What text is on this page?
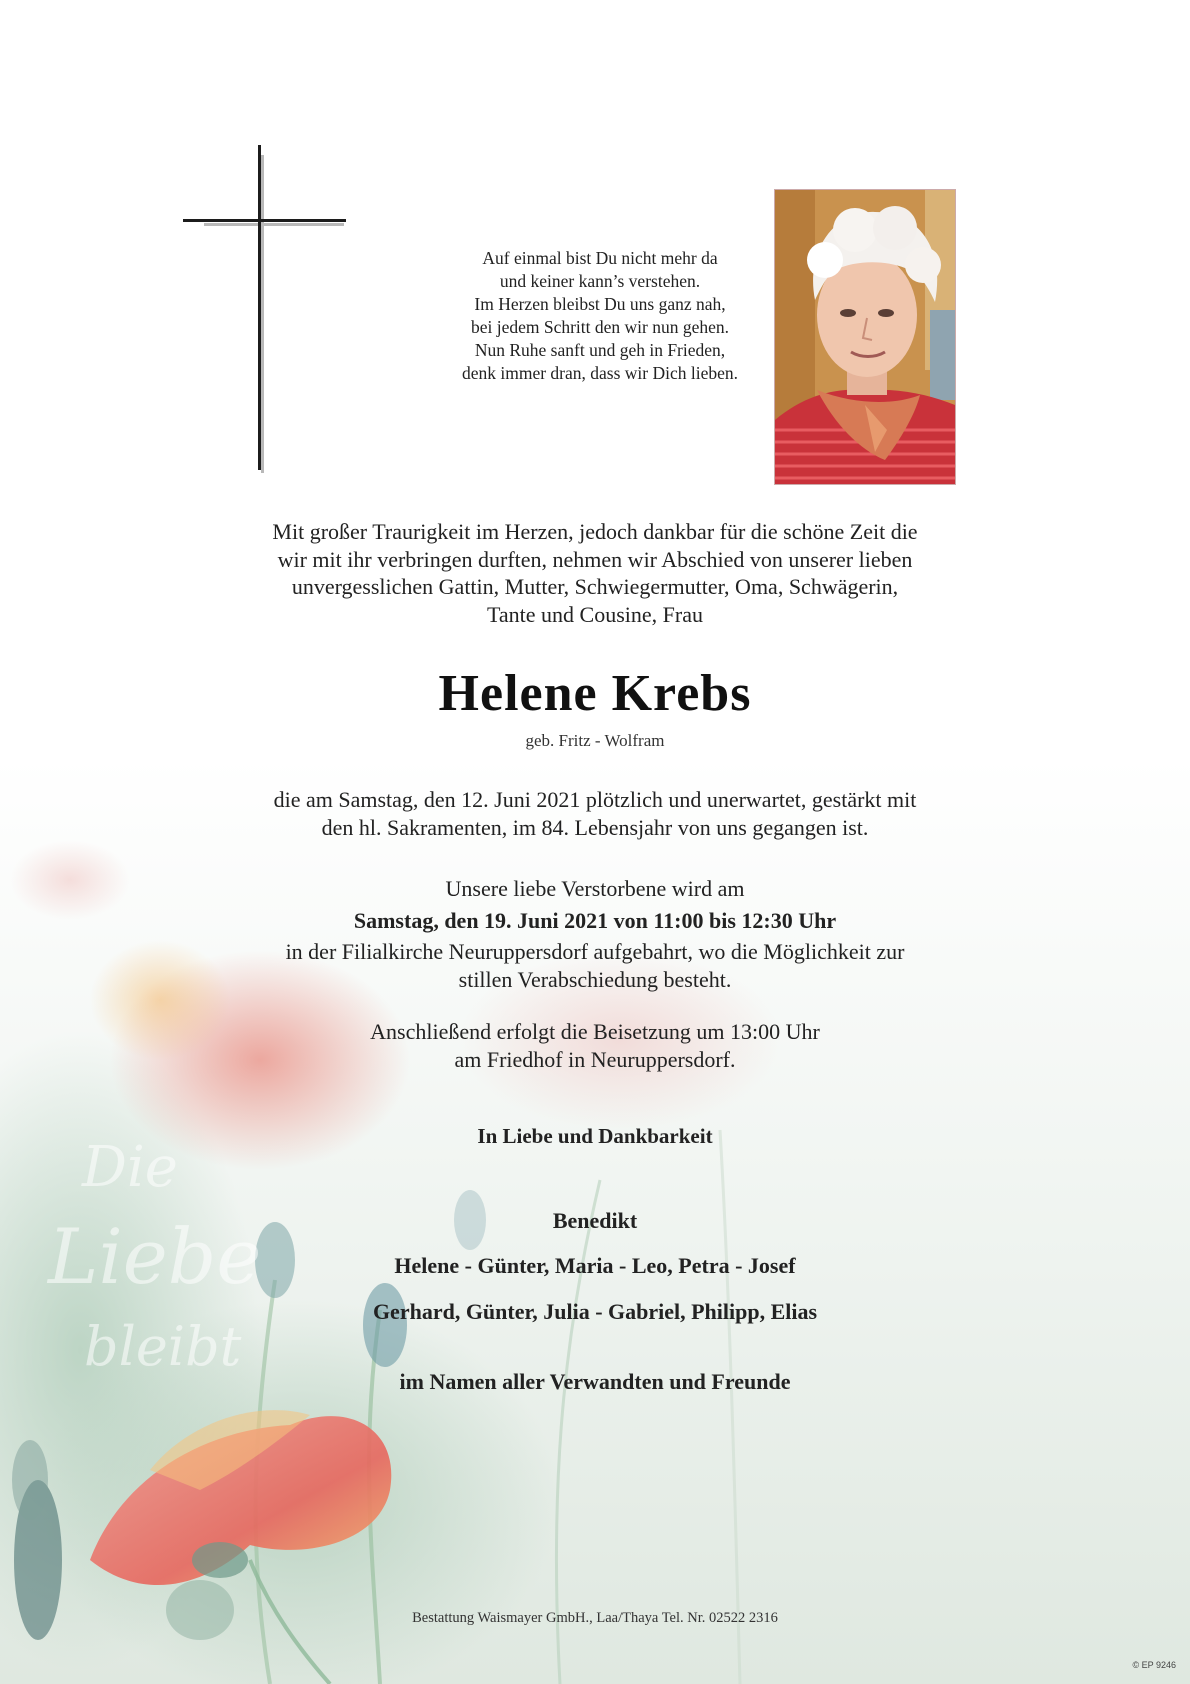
Die
Liebe
bleibt
Auf einmal bist Du nicht mehr da
und keiner kann’s verstehen.
Im Herzen bleibst Du uns ganz nah,
bei jedem Schritt den wir nun gehen.
Nun Ruhe sanft und geh in Frieden,
denk immer dran, dass wir Dich lieben.
Mit großer Traurigkeit im Herzen, jedoch dankbar für die schöne Zeit die
wir mit ihr verbringen durften, nehmen wir Abschied von unserer lieben
unvergesslichen Gattin, Mutter, Schwiegermutter, Oma, Schwägerin,
Tante und Cousine, Frau
Helene Krebs
geb. Fritz - Wolfram
die am Samstag, den 12. Juni 2021 plötzlich und unerwartet, gestärkt mit
den hl. Sakramenten, im 84. Lebensjahr von uns gegangen ist.
Unsere liebe Verstorbene wird am
Samstag, den 19. Juni 2021 von 11:00 bis 12:30 Uhr
in der Filialkirche Neuruppersdorf aufgebahrt, wo die Möglichkeit zur
stillen Verabschiedung besteht.
Anschließend erfolgt die Beisetzung um 13:00 Uhr
am Friedhof in Neuruppersdorf.
In Liebe und Dankbarkeit
Benedikt
Helene - Günter, Maria - Leo, Petra - Josef
Gerhard, Günter, Julia - Gabriel, Philipp, Elias
im Namen aller Verwandten und Freunde
Bestattung Waismayer GmbH., Laa/Thaya Tel. Nr. 02522 2316
© EP 9246
